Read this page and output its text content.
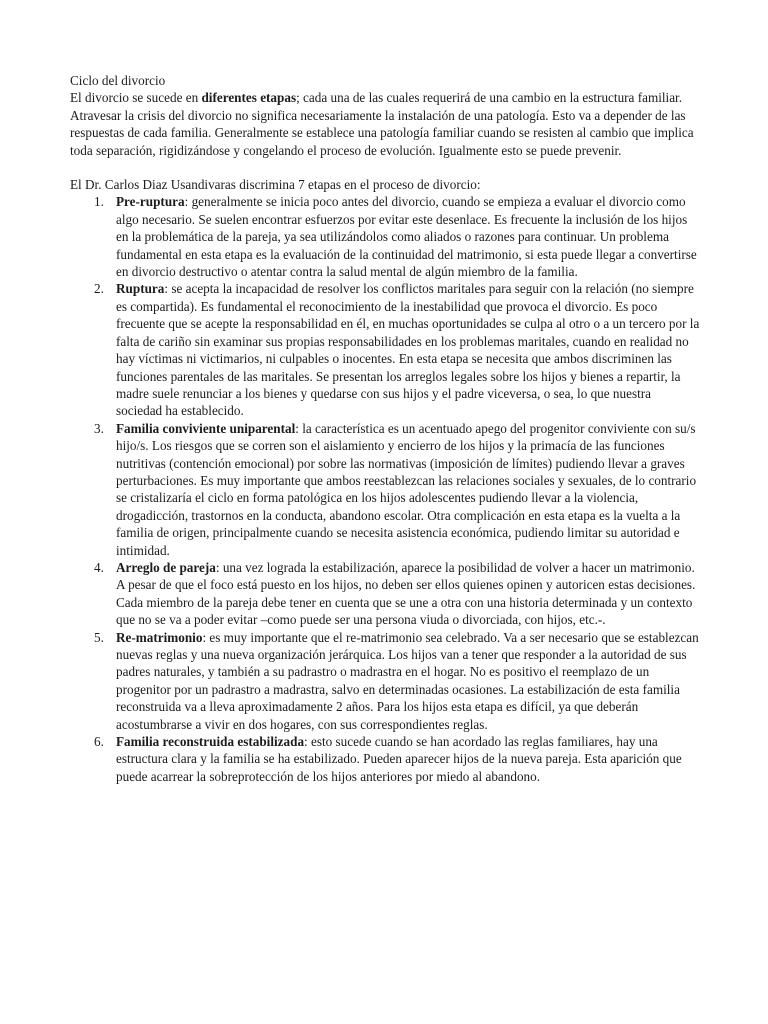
Ciclo del divorcio

El divorcio se sucede en diferentes etapas; cada una de las cuales requerirá de una cambio en la estructura familiar. Atravesar la crisis del divorcio no significa necesariamente la instalación de una patología. Esto va a depender de las respuestas de cada familia. Generalmente se establece una patología familiar cuando se resisten al cambio que implica toda separación, rigidizándose y congelando el proceso de evolución. Igualmente esto se puede prevenir.

El Dr. Carlos Diaz Usandivaras discrimina 7 etapas en el proceso de divorcio:

1. Pre-ruptura: generalmente se inicia poco antes del divorcio, cuando se empieza a evaluar el divorcio como algo necesario. Se suelen encontrar esfuerzos por evitar este desenlace. Es frecuente la inclusión de los hijos en la problemática de la pareja, ya sea utilizándolos como aliados o razones para continuar. Un problema fundamental en esta etapa es la evaluación de la continuidad del matrimonio, si esta puede llegar a convertirse en divorcio destructivo o atentar contra la salud mental de algún miembro de la familia.
2. Ruptura: se acepta la incapacidad de resolver los conflictos maritales para seguir con la relación (no siempre es compartida). Es fundamental el reconocimiento de la inestabilidad que provoca el divorcio. Es poco frecuente que se acepte la responsabilidad en él, en muchas oportunidades se culpa al otro o a un tercero por la falta de cariño sin examinar sus propias responsabilidades en los problemas maritales, cuando en realidad no hay víctimas ni victimarios, ni culpables o inocentes. En esta etapa se necesita que ambos discriminen las funciones parentales de las maritales. Se presentan los arreglos legales sobre los hijos y bienes a repartir, la madre suele renunciar a los bienes y quedarse con sus hijos y el padre viceversa, o sea, lo que nuestra sociedad ha establecido.
3. Familia conviviente uniparental: la característica es un acentuado apego del progenitor conviviente con su/s hijo/s. Los riesgos que se corren son el aislamiento y encierro de los hijos y la primacía de las funciones nutritivas (contención emocional) por sobre las normativas (imposición de límites) pudiendo llevar a graves perturbaciones. Es muy importante que ambos reestablezcan las relaciones sociales y sexuales, de lo contrario se cristalizaría el ciclo en forma patológica en los hijos adolescentes pudiendo llevar a la violencia, drogadicción, trastornos en la conducta, abandono escolar. Otra complicación en esta etapa es la vuelta a la familia de origen, principalmente cuando se necesita asistencia económica, pudiendo limitar su autoridad e intimidad.
4. Arreglo de pareja: una vez lograda la estabilización, aparece la posibilidad de volver a hacer un matrimonio. A pesar de que el foco está puesto en los hijos, no deben ser ellos quienes opinen y autoricen estas decisiones. Cada miembro de la pareja debe tener en cuenta que se une a otra con una historia determinada y un contexto que no se va a poder evitar –como puede ser una persona viuda o divorciada, con hijos, etc.-.
5. Re-matrimonio: es muy importante que el re-matrimonio sea celebrado. Va a ser necesario que se establezcan nuevas reglas y una nueva organización jerárquica. Los hijos van a tener que responder a la autoridad de sus padres naturales, y también a su padrastro o madrastra en el hogar. No es positivo el reemplazo de un progenitor por un padrastro a madrastra, salvo en determinadas ocasiones. La estabilización de esta familia reconstruida va a lleva aproximadamente 2 años. Para los hijos esta etapa es difícil, ya que deberán acostumbrarse a vivir en dos hogares, con sus correspondientes reglas.
6. Familia reconstruida estabilizada: esto sucede cuando se han acordado las reglas familiares, hay una estructura clara y la familia se ha estabilizado. Pueden aparecer hijos de la nueva pareja. Esta aparición que puede acarrear la sobreprotección de los hijos anteriores por miedo al abandono.
